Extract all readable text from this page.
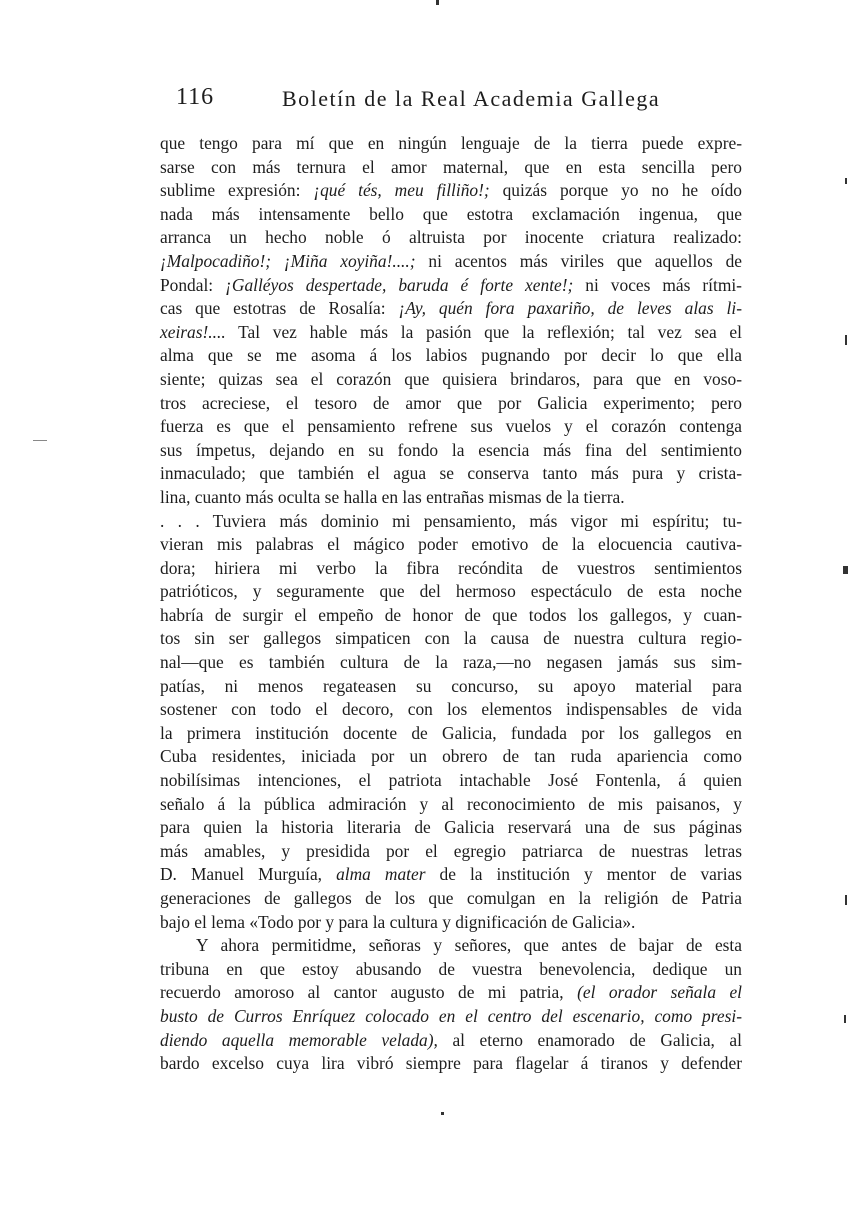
116	Boletín de la Real Academia Gallega
que tengo para mí que en ningún lenguaje de la tierra puede expre-
sarse con más ternura el amor maternal, que en esta sencilla pero
sublime expresión: ¡qué tés, meu filliño!; quizás porque yo no he oído
nada más intensamente bello que estotra exclamación ingenua, que
arranca un hecho noble ó altruista por inocente criatura realizado:
¡Malpocadiño!; ¡Miña xoyiña!....; ni acentos más viriles que aquellos de
Pondal: ¡Galléyos despertade, baruda é forte xente!; ni voces más rítmi-
cas que estotras de Rosalía: ¡Ay, quén fora paxariño, de leves alas li-
xeiras!.... Tal vez hable más la pasión que la reflexión; tal vez sea el
alma que se me asoma á los labios pugnando por decir lo que ella
siente; quizas sea el corazón que quisiera brindaros, para que en voso-
tros acreciese, el tesoro de amor que por Galicia experimento; pero
fuerza es que el pensamiento refrene sus vuelos y el corazón contenga
sus ímpetus, dejando en su fondo la esencia más fina del sentimiento
inmaculado; que también el agua se conserva tanto más pura y crista-
lina, cuanto más oculta se halla en las entrañas mismas de la tierra.
. . . Tuviera más dominio mi pensamiento, más vigor mi espíritu; tu-
vieran mis palabras el mágico poder emotivo de la elocuencia cautiva-
dora; hiriera mi verbo la fibra recóndita de vuestros sentimientos
patrióticos, y seguramente que del hermoso espectáculo de esta noche
habría de surgir el empeño de honor de que todos los gallegos, y cuan-
tos sin ser gallegos simpaticen con la causa de nuestra cultura regio-
nal—que es también cultura de la raza,—no negasen jamás sus sim-
patías, ni menos regateasen su concurso, su apoyo material para
sostener con todo el decoro, con los elementos indispensables de vida
la primera institución docente de Galicia, fundada por los gallegos en
Cuba residentes, iniciada por un obrero de tan ruda apariencia como
nobilísimas intenciones, el patriota intachable José Fontenla, á quien
señalo á la pública admiración y al reconocimiento de mis paisanos, y
para quien la historia literaria de Galicia reservará una de sus páginas
más amables, y presidida por el egregio patriarca de nuestras letras
D. Manuel Murguía, alma mater de la institución y mentor de varias
generaciones de gallegos de los que comulgan en la religión de Patria
bajo el lema «Todo por y para la cultura y dignificación de Galicia».
Y ahora permitidme, señoras y señores, que antes de bajar de esta
tribuna en que estoy abusando de vuestra benevolencia, dedique un
recuerdo amoroso al cantor augusto de mi patria, (el orador señala el
busto de Curros Enríquez colocado en el centro del escenario, como presi-
diendo aquella memorable velada), al eterno enamorado de Galicia, al
bardo excelso cuya lira vibró siempre para flagelar á tiranos y defender
